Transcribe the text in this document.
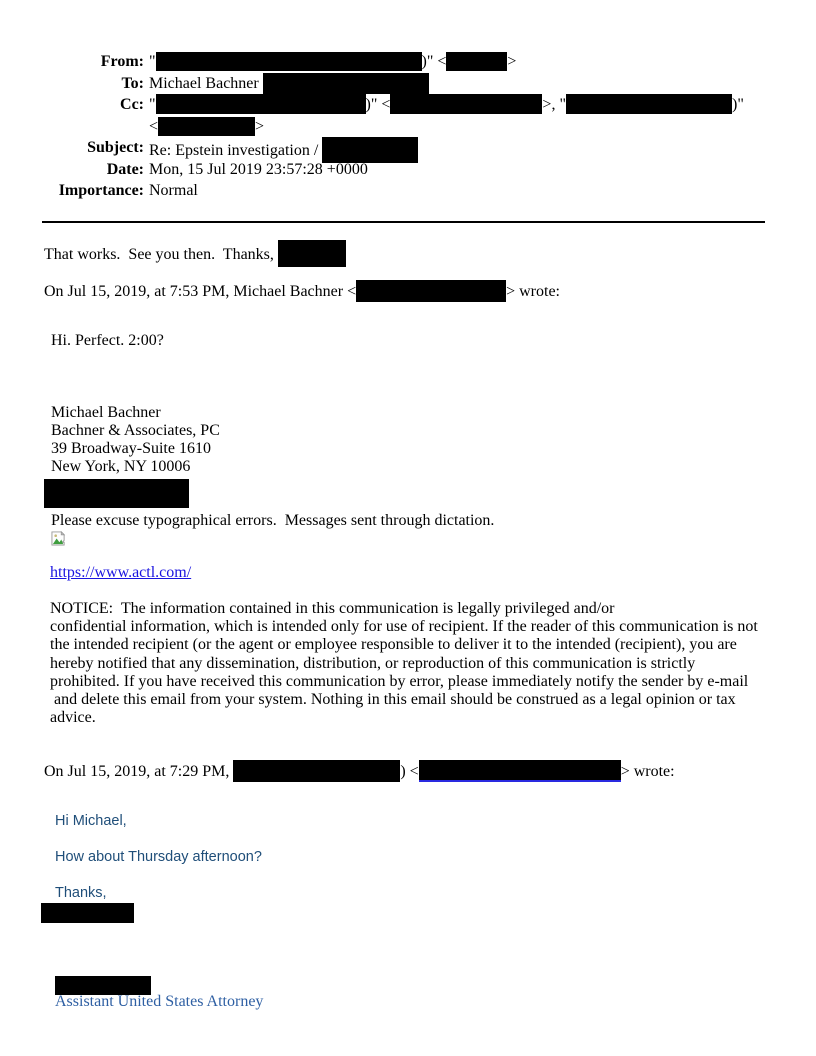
From: "	)" <	>
To: Michael Bachner
Cc: "	)" <	>, "	)"
<	>
Subject: Re: Epstein investigation /
Date: Mon, 15 Jul 2019 23:57:28 +0000
Importance: Normal
That works.  See you then.  Thanks,
On Jul 15, 2019, at 7:53 PM, Michael Bachner <	> wrote:
Hi. Perfect. 2:00?
Michael Bachner
Bachner & Associates, PC
39 Broadway-Suite 1610
New York, NY 10006
Please excuse typographical errors.  Messages sent through dictation.
https://www.actl.com/
NOTICE:  The information contained in this communication is legally privileged and/or
confidential information, which is intended only for use of recipient. If the reader of this communication is not
the intended recipient (or the agent or employee responsible to deliver it to the intended (recipient), you are
hereby notified that any dissemination, distribution, or reproduction of this communication is strictly
prohibited. If you have received this communication by error, please immediately notify the sender by e-mail
and delete this email from your system. Nothing in this email should be construed as a legal opinion or tax
advice.
On Jul 15, 2019, at 7:29 PM,	) <	> wrote:
Hi Michael,
How about Thursday afternoon?
Thanks,
Assistant United States Attorney
